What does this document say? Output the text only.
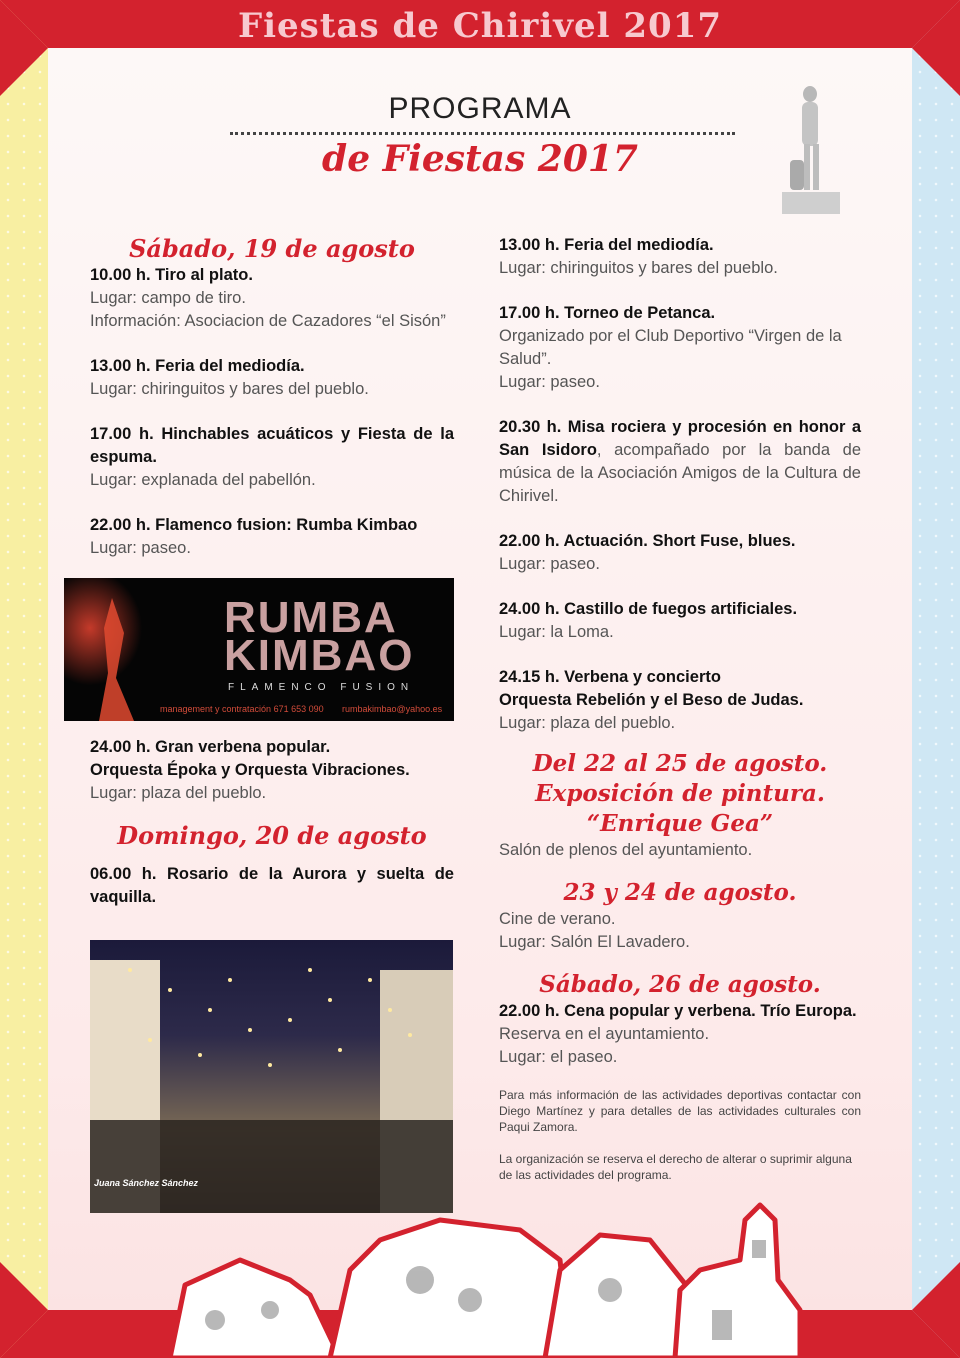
Fiestas de Chirivel 2017
PROGRAMA
de Fiestas 2017

Sábado, 19 de agosto

10.00 h. Tiro al plato.

Lugar: campo de tiro.

Información: Asociacion de Cazadores “el Sisón”

13.00 h. Feria del mediodía.

Lugar: chiringuitos y bares del pueblo.

17.00 h. Hinchables acuáticos y Fiesta de la espuma.

Lugar: explanada del pabellón.

22.00 h. Flamenco fusion: Rumba Kimbao

Lugar: paseo.

RUMBA
KIMBAO
FLAMENCO FUSION
management y contratación 671 653 090 rumbakimbao@yahoo.es

24.00 h. Gran verbena popular.

Orquesta Époka y Orquesta Vibraciones.

Lugar: plaza del pueblo.

Domingo, 20 de agosto

06.00 h. Rosario de la Aurora y suelta de vaquilla.

Juana Sánchez Sánchez

13.00 h. Feria del mediodía.

Lugar: chiringuitos y bares del pueblo.

17.00 h. Torneo de Petanca.

Organizado por el Club Deportivo “Virgen de la Salud”.

Lugar: paseo.

20.30 h. Misa rociera y procesión en honor a San Isidoro, acompañado por la banda de música de la Asociación Amigos de la Cultura de Chirivel.

22.00 h. Actuación. Short Fuse, blues.

Lugar: paseo.

24.00 h. Castillo de fuegos artificiales.

Lugar: la Loma.

24.15 h. Verbena y concierto

Orquesta Rebelión y el Beso de Judas.

Lugar: plaza del pueblo.

Del 22 al 25 de agosto. Exposición de pintura. “Enrique Gea”

Salón de plenos del ayuntamiento.

23 y 24 de agosto.

Cine de verano.

Lugar: Salón El Lavadero.

Sábado, 26 de agosto.

22.00 h. Cena popular y verbena. Trío Europa.

Reserva en el ayuntamiento.

Lugar: el paseo.

Para más información de las actividades deportivas contactar con Diego Martínez y para detalles de las actividades culturales con Paqui Zamora.

La organización se reserva el derecho de alterar o suprimir alguna de las actividades del programa.
